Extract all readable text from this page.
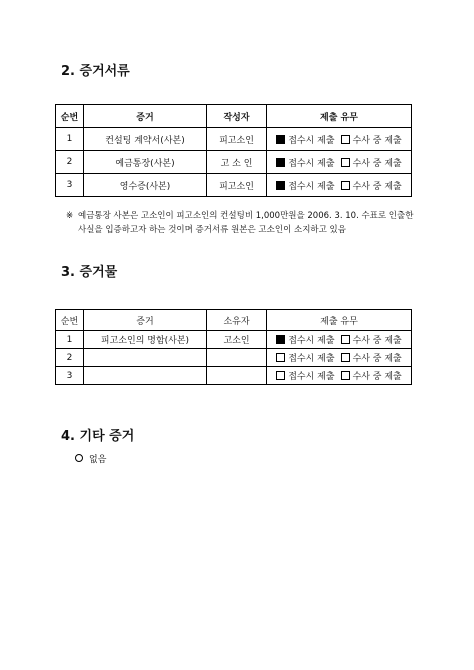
2. 증거서류
순번	증거	작성자	제출 유무
1	컨설팅 계약서(사본)	피고소인	접수시 제출 수사 중 제출
2	예금통장(사본)	고 소 인	접수시 제출 수사 중 제출
3	영수증(사본)	피고소인	접수시 제출 수사 중 제출
※ 예금통장 사본은 고소인이 피고소인의 컨설팅비 1,000만원을 2006. 3. 10. 수표로 인출한 사실을 입증하고자 하는 것이며 증거서류 원본은 고소인이 소지하고 있음
3. 증거물
순번	증거	소유자	제출 유무
1	피고소인의 명함(사본)	고소인	접수시 제출 수사 중 제출
2			접수시 제출 수사 중 제출
3			접수시 제출 수사 중 제출
4. 기타 증거
없음
